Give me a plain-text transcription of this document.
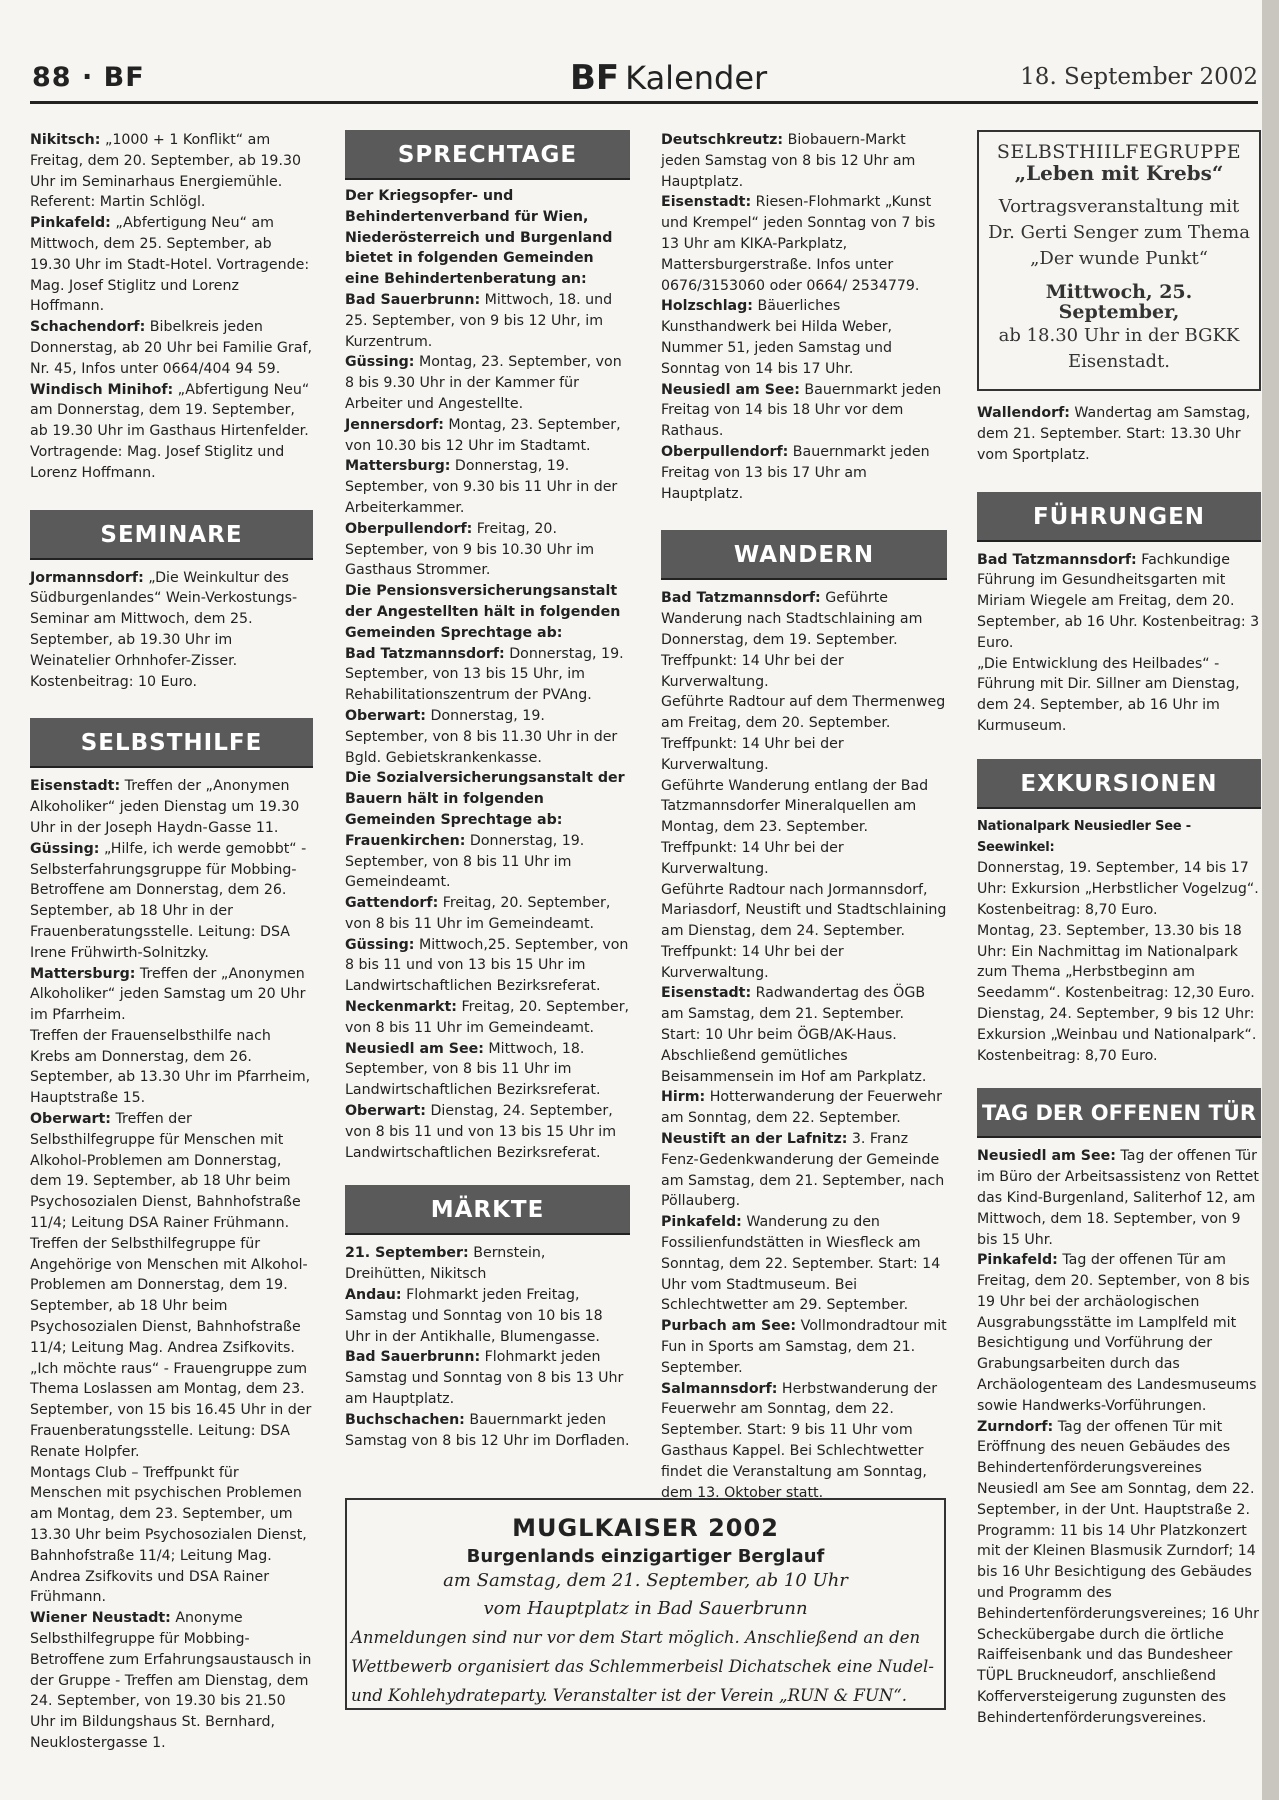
88 · BF	BF Kalender	18. September 2002

Nikitsch: „1000 + 1 Konflikt“ am Freitag, dem 20. September, ab 19.30 Uhr im Seminarhaus Energiemühle. Referent: Martin Schlögl.

Pinkafeld: „Abfertigung Neu“ am Mittwoch, dem 25. September, ab 19.30 Uhr im Stadt-Hotel. Vortragende: Mag. Josef Stiglitz und Lorenz Hoffmann.

Schachendorf: Bibelkreis jeden Donnerstag, ab 20 Uhr bei Familie Graf, Nr. 45, Infos unter 0664/404 94 59.

Windisch Minihof: „Abfertigung Neu“ am Donnerstag, dem 19. September, ab 19.30 Uhr im Gasthaus Hirtenfelder. Vortragende: Mag. Josef Stiglitz und Lorenz Hoffmann.

SEMINARE

Jormannsdorf: „Die Weinkultur des Südburgenlandes“ Wein-Verkostungs-Seminar am Mittwoch, dem 25. September, ab 19.30 Uhr im Weinatelier Orhnhofer-Zisser. Kostenbeitrag: 10 Euro.

SELBSTHILFE

Eisenstadt: Treffen der „Anonymen Alkoholiker“ jeden Dienstag um 19.30 Uhr in der Joseph Haydn-Gasse 11.

Güssing: „Hilfe, ich werde gemobbt“ - Selbsterfahrungsgruppe für Mobbing-Betroffene am Donnerstag, dem 26. September, ab 18 Uhr in der Frauenberatungsstelle. Leitung: DSA Irene Frühwirth-Solnitzky.

Mattersburg: Treffen der „Anonymen Alkoholiker“ jeden Samstag um 20 Uhr im Pfarrheim.

Treffen der Frauenselbsthilfe nach Krebs am Donnerstag, dem 26. September, ab 13.30 Uhr im Pfarrheim, Hauptstraße 15.

Oberwart: Treffen der Selbsthilfegruppe für Menschen mit Alkohol-Problemen am Donnerstag, dem 19. September, ab 18 Uhr beim Psychosozialen Dienst, Bahnhofstraße 11/4; Leitung DSA Rainer Frühmann.

Treffen der Selbsthilfegruppe für Angehörige von Menschen mit Alkohol-Problemen am Donnerstag, dem 19. September, ab 18 Uhr beim Psychosozialen Dienst, Bahnhofstraße 11/4; Leitung Mag. Andrea Zsifkovits.

„Ich möchte raus“ - Frauengruppe zum Thema Loslassen am Montag, dem 23. September, von 15 bis 16.45 Uhr in der Frauenberatungsstelle. Leitung: DSA Renate Holpfer.

Montags Club – Treffpunkt für Menschen mit psychischen Problemen am Montag, dem 23. September, um 13.30 Uhr beim Psychosozialen Dienst, Bahnhofstraße 11/4; Leitung Mag. Andrea Zsifkovits und DSA Rainer Frühmann.

Wiener Neustadt: Anonyme Selbsthilfegruppe für Mobbing-Betroffene zum Erfahrungsaustausch in der Gruppe - Treffen am Dienstag, dem 24. September, von 19.30 bis 21.50 Uhr im Bildungshaus St. Bernhard, Neuklostergasse 1.

SPRECHTAGE

Der Kriegsopfer- und Behindertenverband für Wien, Niederösterreich und Burgenland bietet in folgenden Gemeinden eine Behindertenberatung an:

Bad Sauerbrunn: Mittwoch, 18. und 25. September, von 9 bis 12 Uhr, im Kurzentrum.

Güssing: Montag, 23. September, von 8 bis 9.30 Uhr in der Kammer für Arbeiter und Angestellte.

Jennersdorf: Montag, 23. September, von 10.30 bis 12 Uhr im Stadtamt.

Mattersburg: Donnerstag, 19. September, von 9.30 bis 11 Uhr in der Arbeiterkammer.

Oberpullendorf: Freitag, 20. September, von 9 bis 10.30 Uhr im Gasthaus Strommer.

Die Pensionsversicherungsanstalt der Angestellten hält in folgenden Gemeinden Sprechtage ab:

Bad Tatzmannsdorf: Donnerstag, 19. September, von 13 bis 15 Uhr, im Rehabilitationszentrum der PVAng.

Oberwart: Donnerstag, 19. September, von 8 bis 11.30 Uhr in der Bgld. Gebietskrankenkasse.

Die Sozialversicherungsanstalt der Bauern hält in folgenden Gemeinden Sprechtage ab:

Frauenkirchen: Donnerstag, 19. September, von 8 bis 11 Uhr im Gemeindeamt.

Gattendorf: Freitag, 20. September, von 8 bis 11 Uhr im Gemeindeamt.

Güssing: Mittwoch,25. September, von 8 bis 11 und von 13 bis 15 Uhr im Landwirtschaftlichen Bezirksreferat.

Neckenmarkt: Freitag, 20. September, von 8 bis 11 Uhr im Gemeindeamt.

Neusiedl am See: Mittwoch, 18. September, von 8 bis 11 Uhr im Landwirtschaftlichen Bezirksreferat.

Oberwart: Dienstag, 24. September, von 8 bis 11 und von 13 bis 15 Uhr im Landwirtschaftlichen Bezirksreferat.

MÄRKTE

21. September: Bernstein, Dreihütten, Nikitsch

Andau: Flohmarkt jeden Freitag, Samstag und Sonntag von 10 bis 18 Uhr in der Antikhalle, Blumengasse.

Bad Sauerbrunn: Flohmarkt jeden Samstag und Sonntag von 8 bis 13 Uhr am Hauptplatz.

Buchschachen: Bauernmarkt jeden Samstag von 8 bis 12 Uhr im Dorfladen.

Deutschkreutz: Biobauern-Markt jeden Samstag von 8 bis 12 Uhr am Hauptplatz.

Eisenstadt: Riesen-Flohmarkt „Kunst und Krempel“ jeden Sonntag von 7 bis 13 Uhr am KIKA-Parkplatz, Mattersburgerstraße. Infos unter 0676/3153060 oder 0664/ 2534779.

Holzschlag: Bäuerliches Kunsthandwerk bei Hilda Weber, Nummer 51, jeden Samstag und Sonntag von 14 bis 17 Uhr.

Neusiedl am See: Bauernmarkt jeden Freitag von 14 bis 18 Uhr vor dem Rathaus.

Oberpullendorf: Bauernmarkt jeden Freitag von 13 bis 17 Uhr am Hauptplatz.

WANDERN

Bad Tatzmannsdorf: Geführte Wanderung nach Stadtschlaining am Donnerstag, dem 19. September. Treffpunkt: 14 Uhr bei der Kurverwaltung.

Geführte Radtour auf dem Thermenweg am Freitag, dem 20. September. Treffpunkt: 14 Uhr bei der Kurverwaltung.

Geführte Wanderung entlang der Bad Tatzmannsdorfer Mineralquellen am Montag, dem 23. September. Treffpunkt: 14 Uhr bei der Kurverwaltung.

Geführte Radtour nach Jormannsdorf, Mariasdorf, Neustift und Stadtschlaining am Dienstag, dem 24. September. Treffpunkt: 14 Uhr bei der Kurverwaltung.

Eisenstadt: Radwandertag des ÖGB am Samstag, dem 21. September. Start: 10 Uhr beim ÖGB/AK-Haus. Abschließend gemütliches Beisammensein im Hof am Parkplatz.

Hirm: Hotterwanderung der Feuerwehr am Sonntag, dem 22. September.

Neustift an der Lafnitz: 3. Franz Fenz-Gedenkwanderung der Gemeinde am Samstag, dem 21. September, nach Pöllauberg.

Pinkafeld: Wanderung zu den Fossilienfundstätten in Wiesfleck am Sonntag, dem 22. September. Start: 14 Uhr vom Stadtmuseum. Bei Schlechtwetter am 29. September.

Purbach am See: Vollmondradtour mit Fun in Sports am Samstag, dem 21. September.

Salmannsdorf: Herbstwanderung der Feuerwehr am Sonntag, dem 22. September. Start: 9 bis 11 Uhr vom Gasthaus Kappel. Bei Schlechtwetter findet die Veranstaltung am Sonntag, dem 13. Oktober statt.

SELBSTHIILFEGRUPPE
„Leben mit Krebs“
Vortragsveranstaltung mit Dr. Gerti Senger zum Thema „Der wunde Punkt“
Mittwoch, 25. September,
ab 18.30 Uhr in der BGKK Eisenstadt.

Wallendorf: Wandertag am Samstag, dem 21. September. Start: 13.30 Uhr vom Sportplatz.

FÜHRUNGEN

Bad Tatzmannsdorf: Fachkundige Führung im Gesundheitsgarten mit Miriam Wiegele am Freitag, dem 20. September, ab 16 Uhr. Kostenbeitrag: 3 Euro.

„Die Entwicklung des Heilbades“ - Führung mit Dir. Sillner am Dienstag, dem 24. September, ab 16 Uhr im Kurmuseum.

EXKURSIONEN

Nationalpark Neusiedler See - Seewinkel:

Donnerstag, 19. September, 14 bis 17 Uhr: Exkursion „Herbstlicher Vogelzug“. Kostenbeitrag: 8,70 Euro.

Montag, 23. September, 13.30 bis 18 Uhr: Ein Nachmittag im Nationalpark zum Thema „Herbstbeginn am Seedamm“. Kostenbeitrag: 12,30 Euro.

Dienstag, 24. September, 9 bis 12 Uhr: Exkursion „Weinbau und Nationalpark“. Kostenbeitrag: 8,70 Euro.

TAG DER OFFENEN TÜR

Neusiedl am See: Tag der offenen Tür im Büro der Arbeitsassistenz von Rettet das Kind-Burgenland, Saliterhof 12, am Mittwoch, dem 18. September, von 9 bis 15 Uhr.

Pinkafeld: Tag der offenen Tür am Freitag, dem 20. September, von 8 bis 19 Uhr bei der archäologischen Ausgrabungsstätte im Lamplfeld mit Besichtigung und Vorführung der Grabungsarbeiten durch das Archäologenteam des Landesmuseums sowie Handwerks-Vorführungen.

Zurndorf: Tag der offenen Tür mit Eröffnung des neuen Gebäudes des Behindertenförderungsvereines Neusiedl am See am Sonntag, dem 22. September, in der Unt. Hauptstraße 2. Programm: 11 bis 14 Uhr Platzkonzert mit der Kleinen Blasmusik Zurndorf; 14 bis 16 Uhr Besichtigung des Gebäudes und Programm des Behindertenförderungsvereines; 16 Uhr Scheckübergabe durch die örtliche Raiffeisenbank und das Bundesheer TÜPL Bruckneudorf, anschließend Kofferversteigerung zugunsten des Behindertenförderungsvereines.

MUGLKAISER 2002
Burgenlands einzigartiger Berglauf
am Samstag, dem 21. September, ab 10 Uhr
vom Hauptplatz in Bad Sauerbrunn
Anmeldungen sind nur vor dem Start möglich. Anschließend an den
Wettbewerb organisiert das Schlemmerbeisl Dichatschek eine Nudel-
und Kohlehydrateparty. Veranstalter ist der Verein „RUN & FUN“.
